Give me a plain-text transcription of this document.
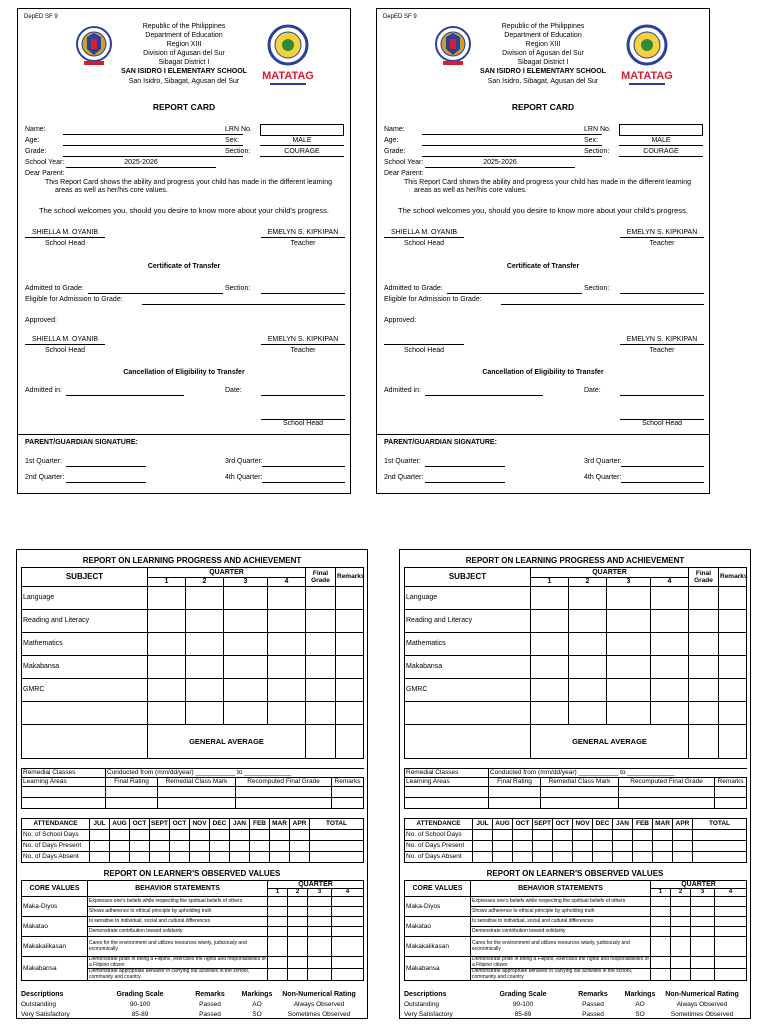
DepED SF 9
Republic of the Philippines
Department of Education
Region XIII
Division of Agusan del Sur
Sibagat District I
SAN ISIDRO I ELEMENTARY SCHOOL
San Isidro, Sibagat, Agusan del Sur	MATATAG
REPORT CARD
Name:	LRN No.
Age:	Sex:	MALE
Grade:	Section:	COURAGE
School Year:	2025-2026
Dear Parent:
This Report Card shows the ability and progress your child has made in the different learning
areas as well as her/his core values.
The school welcomes you, should you desire to know more about your child's progress.
SHIELLA M. OYANIB
School Head
EMELYN S. KIPKIPAN
Teacher
Certificate of Transfer
Admitted to Grade:	Section:
Eligible for Admission to Grade:
Approved:
SHIELLA M. OYANIB
School Head
EMELYN S. KIPKIPAN
Teacher
Cancellation of Eligibility to Transfer
Admitted in:	Date:
School Head
PARENT/GUARDIAN SIGNATURE:
1st Quarter:
2nd Quarter:
3rd Quarter:
4th Quarter:
DepED SF 9
Republic of the Philippines
Department of Education
Region XIII
Division of Agusan del Sur
Sibagat District I
SAN ISIDRO I ELEMENTARY SCHOOL
San Isidro, Sibagat, Agusan del Sur	MATATAG
REPORT CARD
Name:	LRN No.
Age:	Sex:	MALE
Grade:	Section:	COURAGE
School Year:	2025-2026
Dear Parent:
This Report Card shows the ability and progress your child has made in the different learning
areas as well as her/his core values.
The school welcomes you, should you desire to know more about your child's progress.
SHIELLA M. OYANIB
School Head
EMELYN S. KIPKIPAN
Teacher
Certificate of Transfer
Admitted to Grade:	Section:
Eligible for Admission to Grade:
Approved:
School Head
EMELYN S. KIPKIPAN
Teacher
Cancellation of Eligibility to Transfer
Admitted in:	Date:
School Head
PARENT/GUARDIAN SIGNATURE:
1st Quarter:
2nd Quarter:
3rd Quarter:
4th Quarter:
REPORT ON LEARNING PROGRESS AND ACHIEVEMENT
SUBJECT	QUARTER				Final
Grade	Remarks
	1	2	3	4		
Language						
Reading and Literacy						
Mathematics						
Makabansa						
GMRC						

	GENERAL AVERAGE					
Remedial Classes	Conducted from (mm/dd/year) ___________ to _____________			
Learning Areas	Final Rating	Remedial Class Mark	Recomputed Final Grade	Remarks

ATTENDANCE	JUL	AUG	OCT	SEPT	OCT	NOV	DEC	JAN	FEB	MAR	APR	TOTAL
No. of School Days												
No. of Days Present												
No. of Days Absent												
REPORT ON LEARNER'S OBSERVED VALUES
CORE VALUES	BEHAVIOR STATEMENTS	QUARTER			
		1	2	3	4
Maka-Diyos	Expresses one's beliefs while respecting the spiritual beliefs of others				
	Shows adherence to ethical principle by upholding truth				
Makatao	Is sensitive to individual, social and cultural differences				
	Demonstrate contribution toward solidarity				
Makakalikasan	Cares for the environment and utilizes resources wisely, judiciously and economically				
Makabansa	Demonstrate pride in being a Filipino, exercises the rights and responsibilities of a Filipino citizen				
	Demonstrate appropriate behavior in carrying out activities in the school, community and country				
Descriptions	Grading Scale	Remarks	Markings	Non-Numerical Rating
Outstanding	90-100	Passed	AO	Always Observed
Very Satisfactory	85-89	Passed	SO	Sometimes Observed
REPORT ON LEARNING PROGRESS AND ACHIEVEMENT
SUBJECT	QUARTER				Final
Grade	Remarks
	1	2	3	4		
Language						
Reading and Literacy						
Mathematics						
Makabansa						
GMRC						

	GENERAL AVERAGE					
Remedial Classes	Conducted from (mm/dd/year) ___________ to _____________			
Learning Areas	Final Rating	Remedial Class Mark	Recomputed Final Grade	Remarks

ATTENDANCE	JUL	AUG	OCT	SEPT	OCT	NOV	DEC	JAN	FEB	MAR	APR	TOTAL
No. of School Days												
No. of Days Present												
No. of Days Absent												
REPORT ON LEARNER'S OBSERVED VALUES
CORE VALUES	BEHAVIOR STATEMENTS	QUARTER			
		1	2	3	4
Maka-Diyos	Expresses one's beliefs while respecting the spiritual beliefs of others				
	Shows adherence to ethical principle by upholding truth				
Makatao	Is sensitive to individual, social and cultural differences				
	Demonstrate contribution toward solidarity				
Makakalikasan	Cares for the environment and utilizes resources wisely, judiciously and economically				
Makabansa	Demonstrate pride in being a Filipino, exercises the rights and responsibilities of a Filipino citizen				
	Demonstrate appropriate behavior in carrying out activities in the school, community and country				
Descriptions	Grading Scale	Remarks	Markings	Non-Numerical Rating
Outstanding	90-100	Passed	AO	Always Observed
Very Satisfactory	85-89	Passed	SO	Sometimes Observed
